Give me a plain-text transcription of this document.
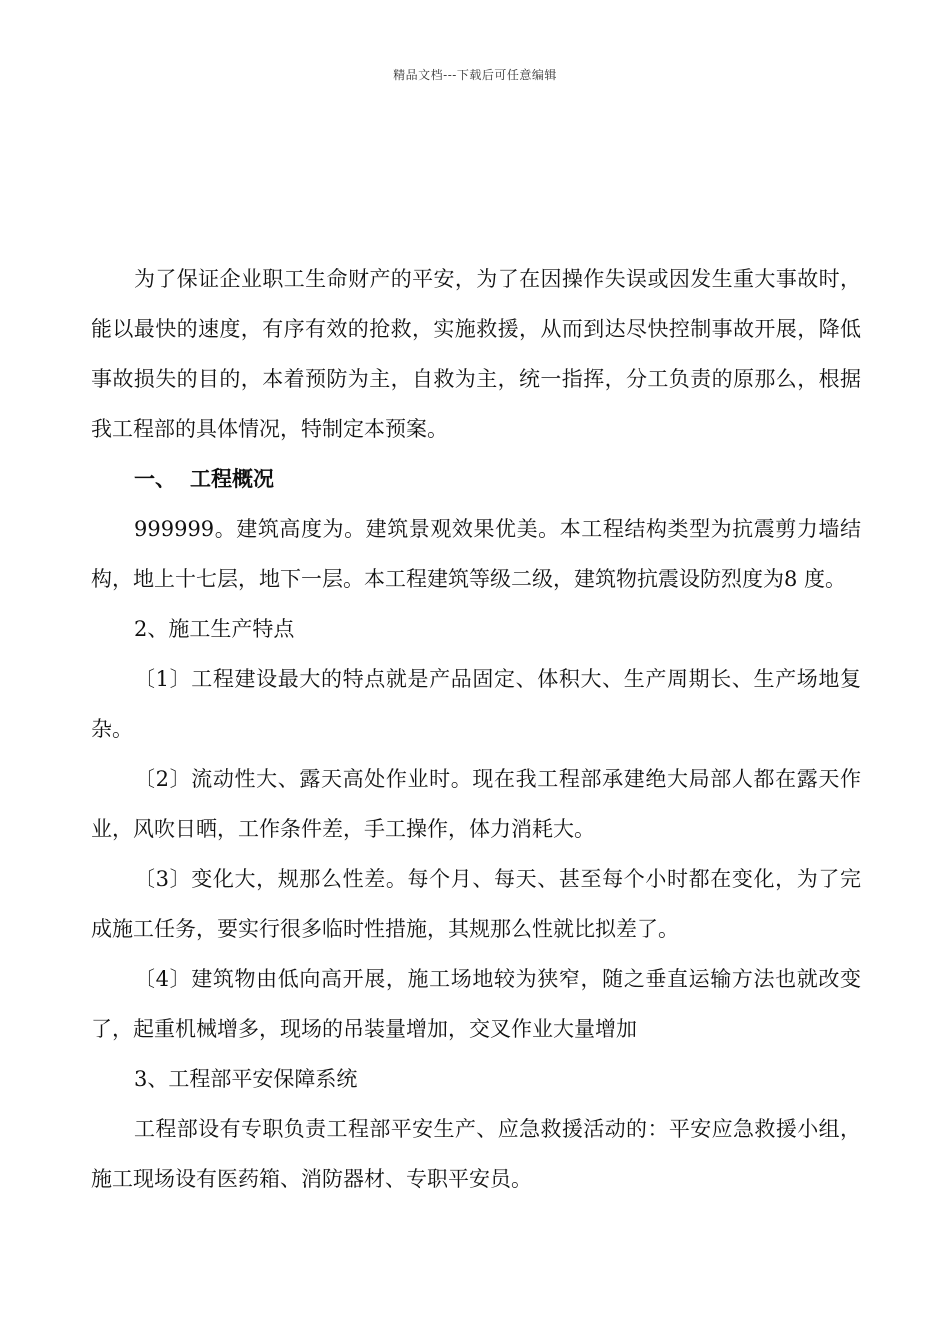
精品文档---下载后可任意编辑

为了保证企业职工生命财产的平安，为了在因操作失误或因发生重大事故时，能以最快的速度，有序有效的抢救，实施救援，从而到达尽快控制事故开展，降低事故损失的目的，本着预防为主，自救为主，统一指挥，分工负责的原那么，根据我工程部的具体情况，特制定本预案。

一、 工程概况

999999。建筑高度为。建筑景观效果优美。本工程结构类型为抗震剪力墙结构，地上十七层，地下一层。本工程建筑等级二级，建筑物抗震设防烈度为8 度。

2、施工生产特点

〔1〕工程建设最大的特点就是产品固定、体积大、生产周期长、生产场地复杂。

〔2〕流动性大、露天高处作业时。现在我工程部承建绝大局部人都在露天作业，风吹日晒，工作条件差，手工操作，体力消耗大。

〔3〕变化大，规那么性差。每个月、每天、甚至每个小时都在变化，为了完成施工任务，要实行很多临时性措施，其规那么性就比拟差了。

〔4〕建筑物由低向高开展，施工场地较为狭窄，随之垂直运输方法也就改变了，起重机械增多，现场的吊装量增加，交叉作业大量增加

3、工程部平安保障系统

工程部设有专职负责工程部平安生产、应急救援活动的：平安应急救援小组，施工现场设有医药箱、消防器材、专职平安员。
